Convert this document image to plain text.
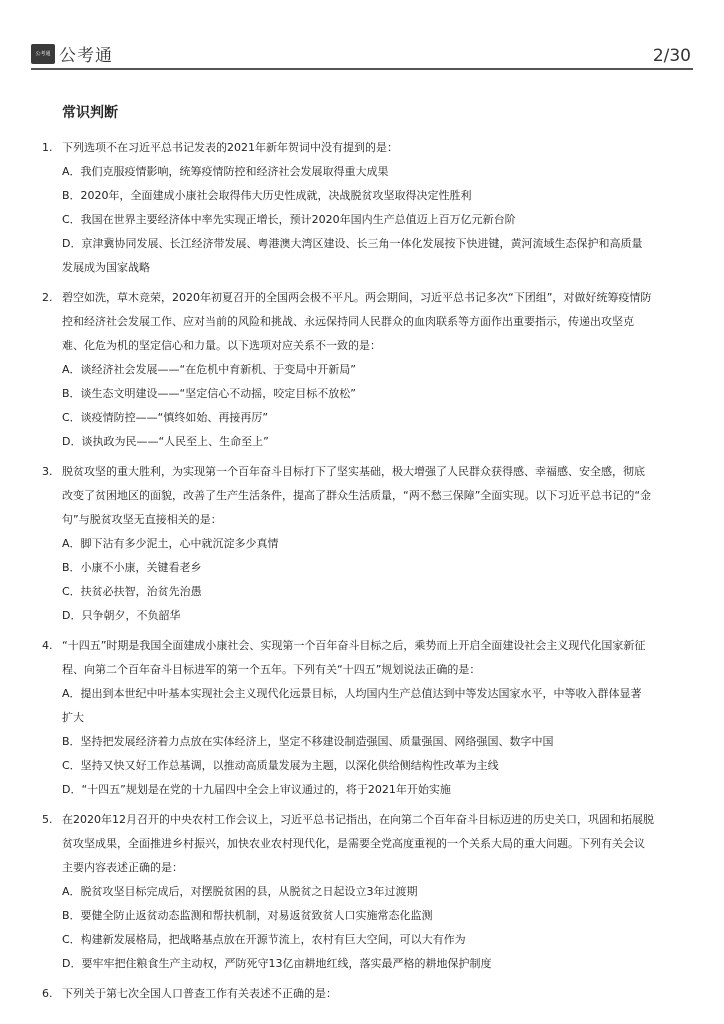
公考通 公考通	2/30
常识判断
1. 下列选项不在习近平总书记发表的2021年新年贺词中没有提到的是：
A．我们克服疫情影响，统筹疫情防控和经济社会发展取得重大成果
B．2020年，全面建成小康社会取得伟大历史性成就，决战脱贫攻坚取得决定性胜利
C．我国在世界主要经济体中率先实现正增长，预计2020年国内生产总值迈上百万亿元新台阶
D．京津冀协同发展、长江经济带发展、粤港澳大湾区建设、长三角一体化发展按下快进键，黄河流域生态保护和高质量
发展成为国家战略
2. 碧空如洗，草木竞荣，2020年初夏召开的全国两会极不平凡。两会期间，习近平总书记多次“下团组”，对做好统筹疫情防
控和经济社会发展工作、应对当前的风险和挑战、永远保持同人民群众的血肉联系等方面作出重要指示，传递出攻坚克
难、化危为机的坚定信心和力量。以下选项对应关系不一致的是：
A．谈经济社会发展——“在危机中育新机、于变局中开新局”
B．谈生态文明建设——“坚定信心不动摇，咬定目标不放松”
C．谈疫情防控——“慎终如始、再接再厉”
D．谈执政为民——“人民至上、生命至上”
3. 脱贫攻坚的重大胜利，为实现第一个百年奋斗目标打下了坚实基础，极大增强了人民群众获得感、幸福感、安全感，彻底
改变了贫困地区的面貌，改善了生产生活条件，提高了群众生活质量，“两不愁三保障”全面实现。以下习近平总书记的“金
句”与脱贫攻坚无直接相关的是：
A．脚下沾有多少泥土，心中就沉淀多少真情
B．小康不小康，关键看老乡
C．扶贫必扶智，治贫先治愚
D．只争朝夕，不负韶华
4. “十四五”时期是我国全面建成小康社会、实现第一个百年奋斗目标之后，乘势而上开启全面建设社会主义现代化国家新征
程、向第二个百年奋斗目标进军的第一个五年。下列有关“十四五”规划说法正确的是：
A．提出到本世纪中叶基本实现社会主义现代化远景目标，人均国内生产总值达到中等发达国家水平，中等收入群体显著
扩大
B．坚持把发展经济着力点放在实体经济上，坚定不移建设制造强国、质量强国、网络强国、数字中国
C．坚持又快又好工作总基调，以推动高质量发展为主题，以深化供给侧结构性改革为主线
D．“十四五”规划是在党的十九届四中全会上审议通过的，将于2021年开始实施
5. 在2020年12月召开的中央农村工作会议上，习近平总书记指出，在向第二个百年奋斗目标迈进的历史关口，巩固和拓展脱
贫攻坚成果，全面推进乡村振兴，加快农业农村现代化，是需要全党高度重视的一个关系大局的重大问题。下列有关会议
主要内容表述正确的是：
A．脱贫攻坚目标完成后，对摆脱贫困的县，从脱贫之日起设立3年过渡期
B．要健全防止返贫动态监测和帮扶机制，对易返贫致贫人口实施常态化监测
C．构建新发展格局，把战略基点放在开源节流上，农村有巨大空间，可以大有作为
D．要牢牢把住粮食生产主动权，严防死守13亿亩耕地红线，落实最严格的耕地保护制度
6. 下列关于第七次全国人口普查工作有关表述不正确的是：
